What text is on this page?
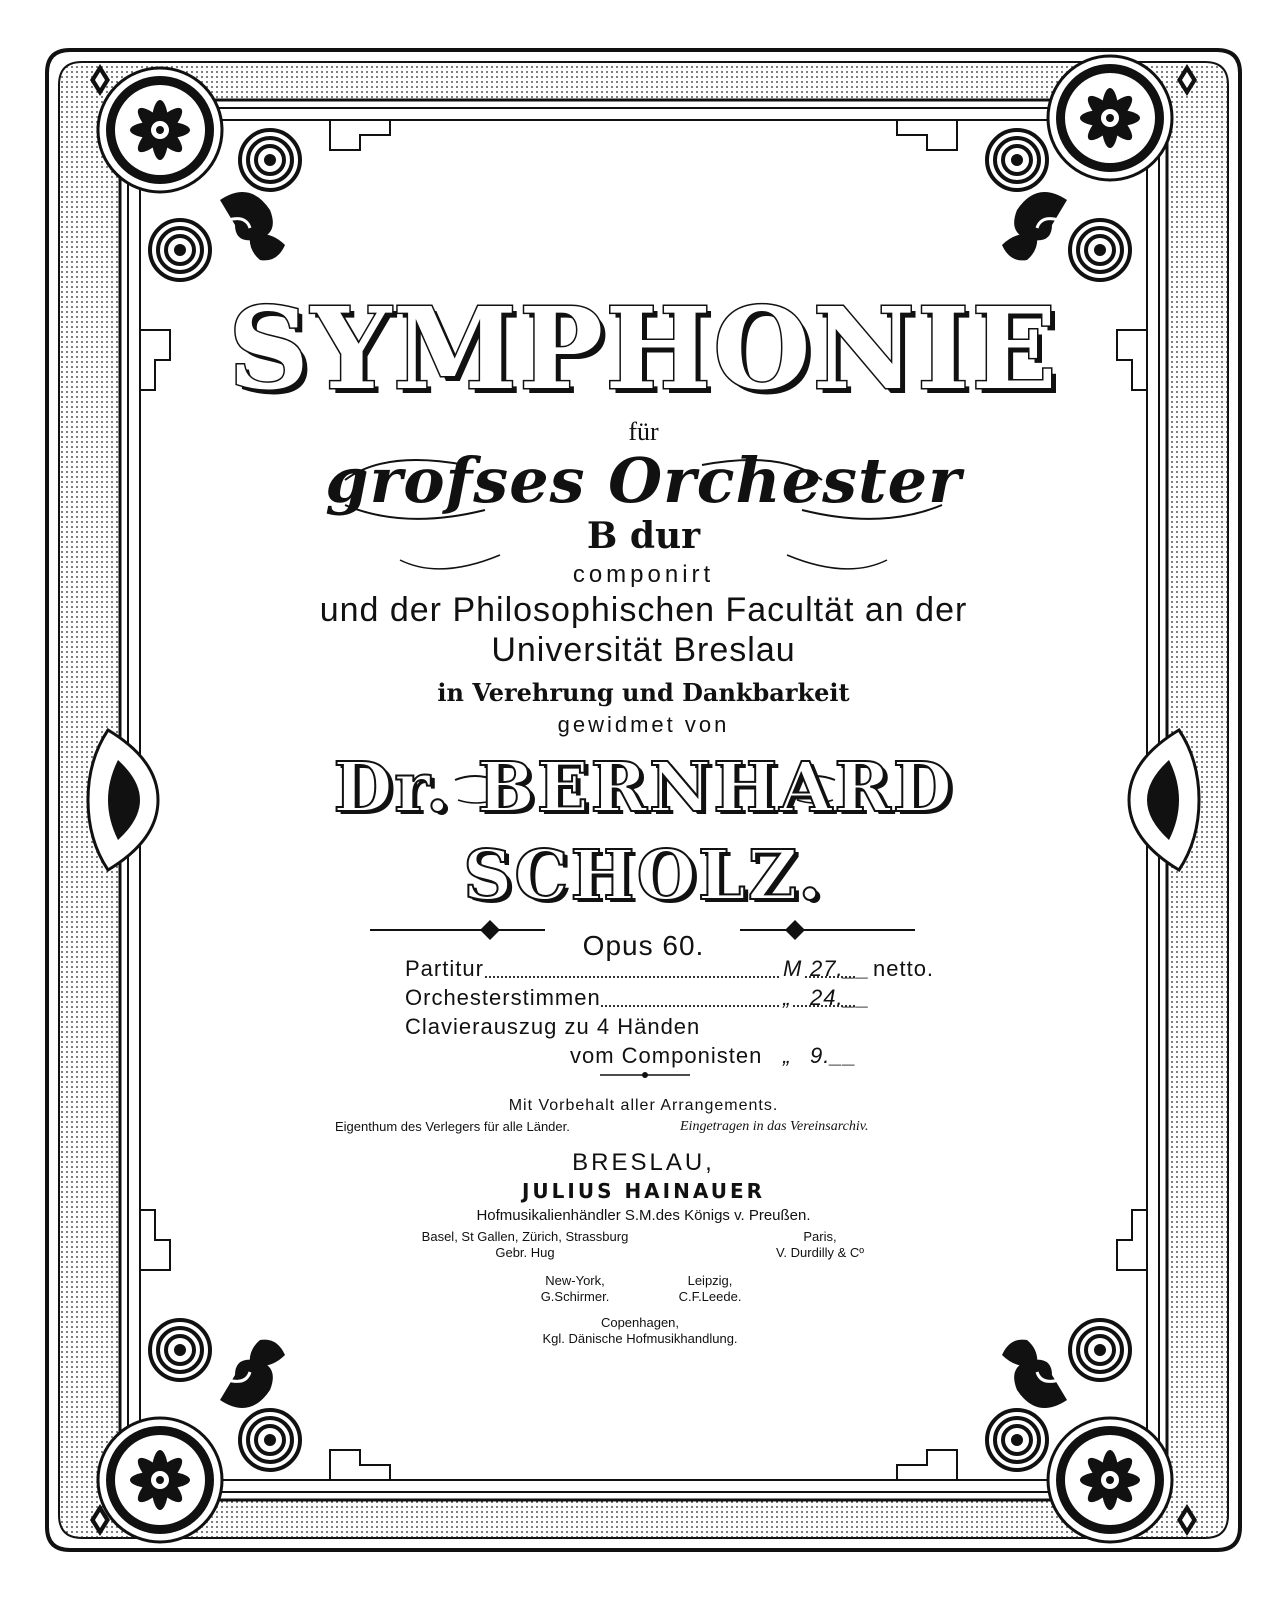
SYMPHONIE
für
grofses Orchester
B dur
componirt
und der Philosophischen Facultät an der
Universität Breslau
in Verehrung und Dankbarkeit
gewidmet von
Dr. BERNHARD SCHOLZ.
Opus 60.
Partitur	M 27.__ netto.
Orchesterstimmen	„ 24.__
Clavierauszug zu 4 Händen
vom Componisten „ 9.__
Mit Vorbehalt aller Arrangements.
Eigenthum des Verlegers für alle Länder.	Eingetragen in das Vereinsarchiv.
BRESLAU,
JULIUS HAINAUER
Hofmusikalienhändler S.M.des Königs v. Preußen.
Basel, St Gallen, Zürich, Strassburg
Gebr. Hug
Paris,
V. Durdilly & Cº
New-York,
G.Schirmer.
Leipzig,
C.F.Leede.
Copenhagen,
Kgl. Dänische Hofmusikhandlung.
